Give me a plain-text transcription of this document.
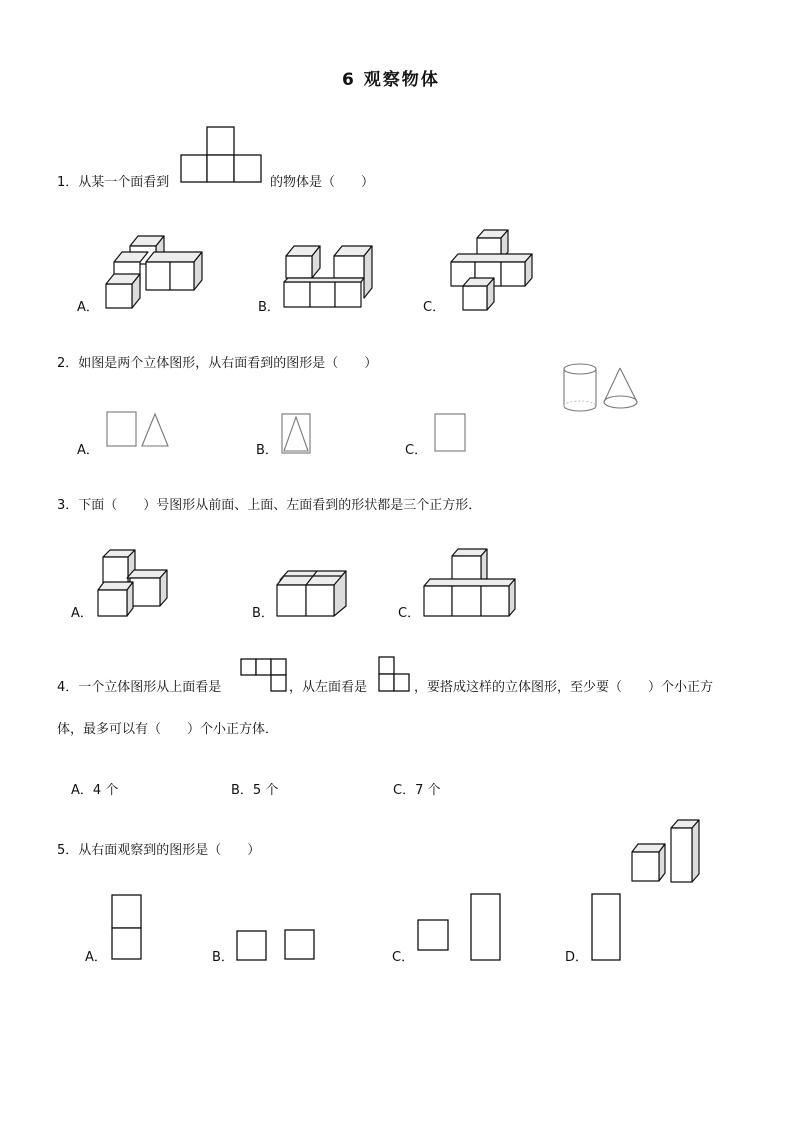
6 观察物体
1．从某一个面看到	的物体是（　　）
A．	B．	C．
2．如图是两个立体图形，从右面看到的图形是（　　）
A．	B．	C．
3．下面（　　）号图形从前面、上面、左面看到的形状都是三个正方形．
A．	B．	C．
4．一个立体图形从上面看是	，从左面看是	，要搭成这样的立体图形，至少要（　　）个小正方
体，最多可以有（　　）个小正方体．
A．4 个	B．5 个	C．7 个
5．从右面观察到的图形是（　　）
A．	B．	C．	D．
